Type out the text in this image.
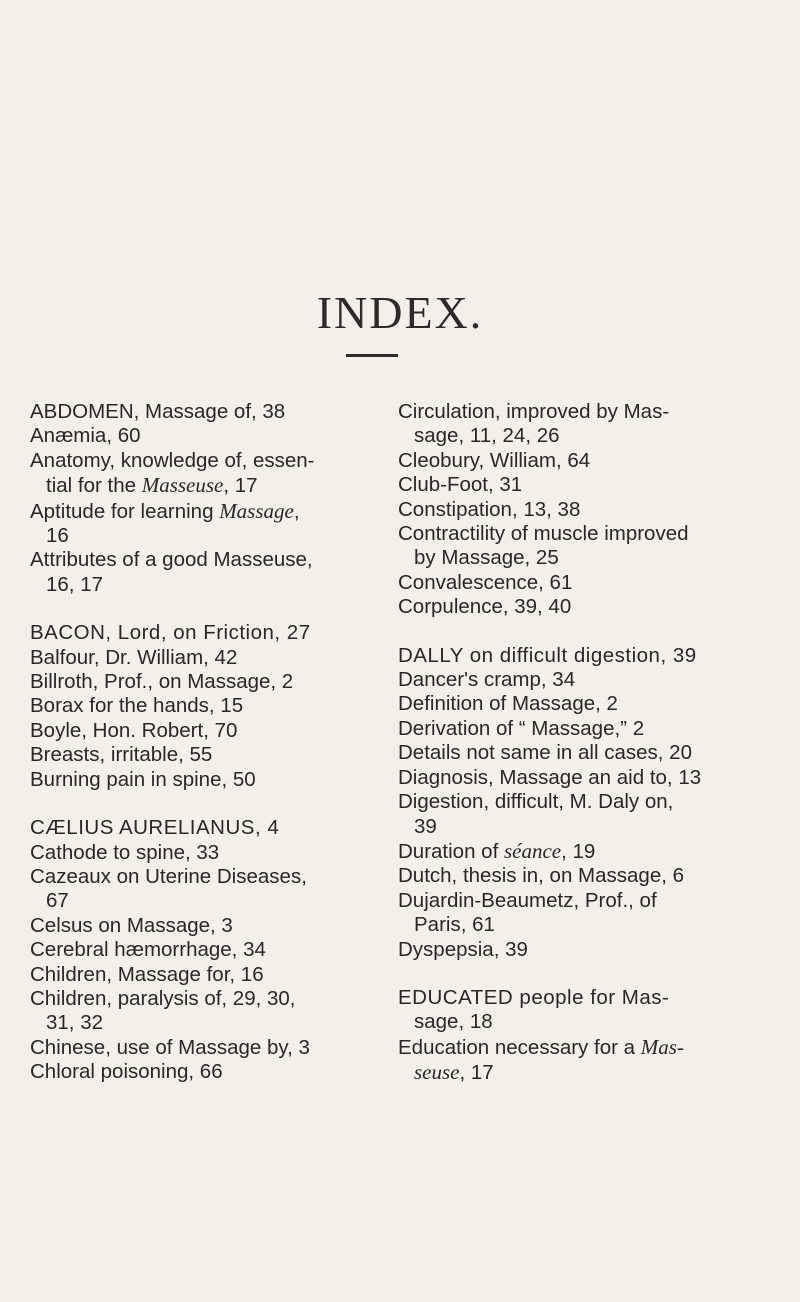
INDEX.
ABDOMEN, Massage of, 38
Anæmia, 60
Anatomy, knowledge of, essen-
tial for the Masseuse, 17
Aptitude for learning Massage,
16
Attributes of a good Masseuse,
16, 17
BACON, Lord, on Friction, 27
Balfour, Dr. William, 42
Billroth, Prof., on Massage, 2
Borax for the hands, 15
Boyle, Hon. Robert, 70
Breasts, irritable, 55
Burning pain in spine, 50
CÆLIUS AURELIANUS, 4
Cathode to spine, 33
Cazeaux on Uterine Diseases,
67
Celsus on Massage, 3
Cerebral hæmorrhage, 34
Children, Massage for, 16
Children, paralysis of, 29, 30,
31, 32
Chinese, use of Massage by, 3
Chloral poisoning, 66
Circulation, improved by Mas-
sage, 11, 24, 26
Cleobury, William, 64
Club-Foot, 31
Constipation, 13, 38
Contractility of muscle improved
by Massage, 25
Convalescence, 61
Corpulence, 39, 40
DALLY on difficult digestion, 39
Dancer's cramp, 34
Definition of Massage, 2
Derivation of “ Massage,” 2
Details not same in all cases, 20
Diagnosis, Massage an aid to, 13
Digestion, difficult, M. Daly on,
39
Duration of séance, 19
Dutch, thesis in, on Massage, 6
Dujardin-Beaumetz, Prof., of
Paris, 61
Dyspepsia, 39
EDUCATED people for Mas-
sage, 18
Education necessary for a Mas-
seuse, 17
